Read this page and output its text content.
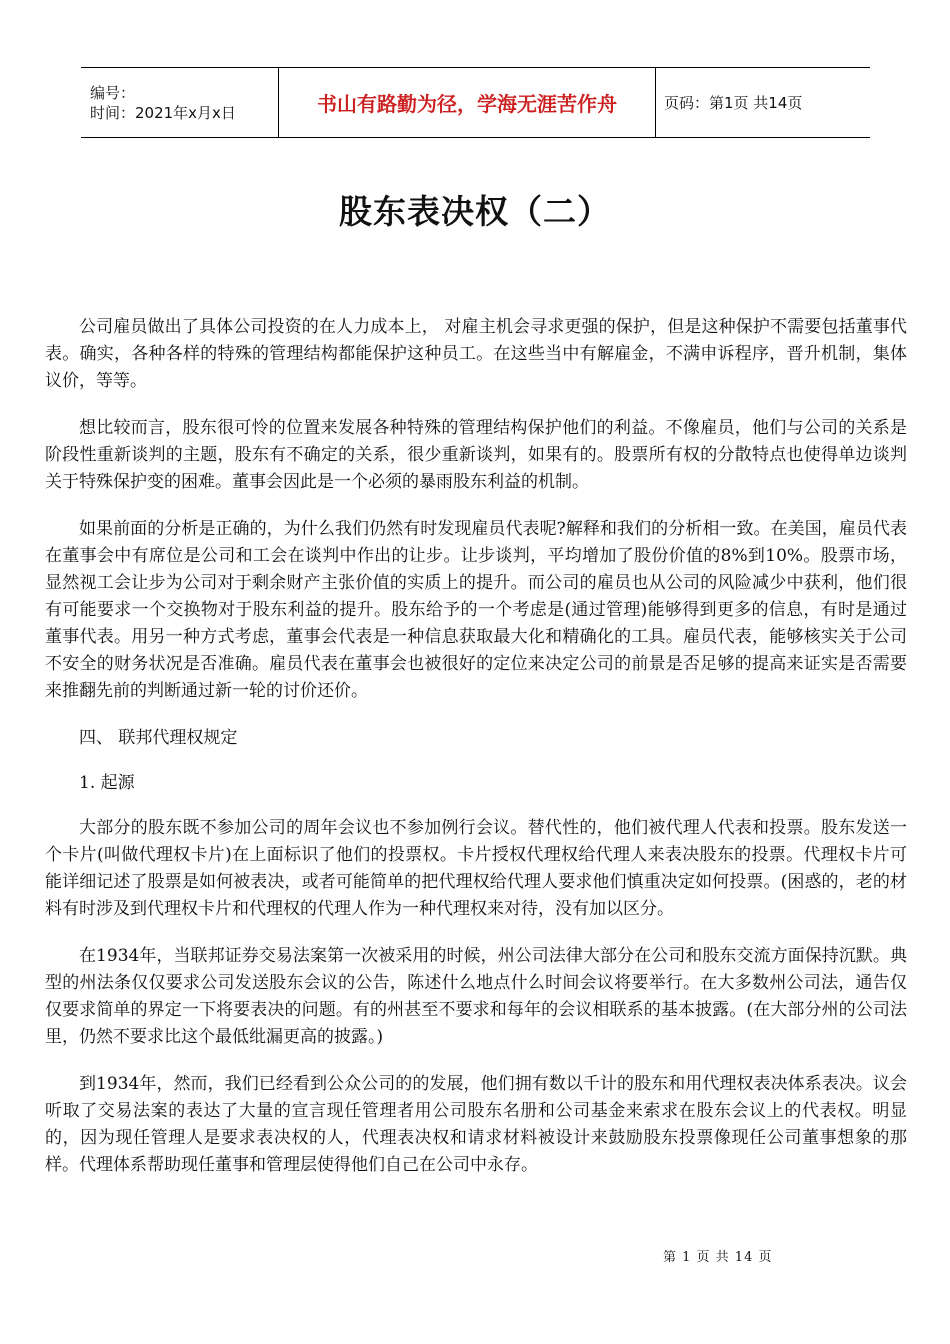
编号：
时间：2021年x月x日	书山有路勤为径，学海无涯苦作舟	页码：第1页 共14页
股东表决权（二）

公司雇员做出了具体公司投资的在人力成本上， 对雇主机会寻求更强的保护，但是这种保护不需要包括董事代表。确实，各种各样的特殊的管理结构都能保护这种员工。在这些当中有解雇金，不满申诉程序，晋升机制，集体议价，等等。

想比较而言，股东很可怜的位置来发展各种特殊的管理结构保护他们的利益。不像雇员，他们与公司的关系是阶段性重新谈判的主题，股东有不确定的关系，很少重新谈判，如果有的。股票所有权的分散特点也使得单边谈判关于特殊保护变的困难。董事会因此是一个必须的暴雨股东利益的机制。

如果前面的分析是正确的，为什么我们仍然有时发现雇员代表呢?解释和我们的分析相一致。在美国，雇员代表在董事会中有席位是公司和工会在谈判中作出的让步。让步谈判，平均增加了股份价值的8%到10%。股票市场，显然视工会让步为公司对于剩余财产主张价值的实质上的提升。而公司的雇员也从公司的风险减少中获利，他们很有可能要求一个交换物对于股东利益的提升。股东给予的一个考虑是(通过管理)能够得到更多的信息，有时是通过董事代表。用另一种方式考虑，董事会代表是一种信息获取最大化和精确化的工具。雇员代表，能够核实关于公司不安全的财务状况是否准确。雇员代表在董事会也被很好的定位来决定公司的前景是否足够的提高来证实是否需要来推翻先前的判断通过新一轮的讨价还价。

四、 联邦代理权规定

1. 起源

大部分的股东既不参加公司的周年会议也不参加例行会议。替代性的，他们被代理人代表和投票。股东发送一个卡片(叫做代理权卡片)在上面标识了他们的投票权。卡片授权代理权给代理人来表决股东的投票。代理权卡片可能详细记述了股票是如何被表决，或者可能简单的把代理权给代理人要求他们慎重决定如何投票。(困惑的，老的材料有时涉及到代理权卡片和代理权的代理人作为一种代理权来对待，没有加以区分。

在1934年，当联邦证券交易法案第一次被采用的时候，州公司法律大部分在公司和股东交流方面保持沉默。典型的州法条仅仅要求公司发送股东会议的公告，陈述什么地点什么时间会议将要举行。在大多数州公司法，通告仅仅要求简单的界定一下将要表决的问题。有的州甚至不要求和每年的会议相联系的基本披露。(在大部分州的公司法里，仍然不要求比这个最低纰漏更高的披露。)

到1934年，然而，我们已经看到公众公司的的发展，他们拥有数以千计的股东和用代理权表决体系表决。议会听取了交易法案的表达了大量的宣言现任管理者用公司股东名册和公司基金来索求在股东会议上的代表权。明显的，因为现任管理人是要求表决权的人，代理表决权和请求材料被设计来鼓励股东投票像现任公司董事想象的那样。代理体系帮助现任董事和管理层使得他们自己在公司中永存。

第 1 页 共 14 页
